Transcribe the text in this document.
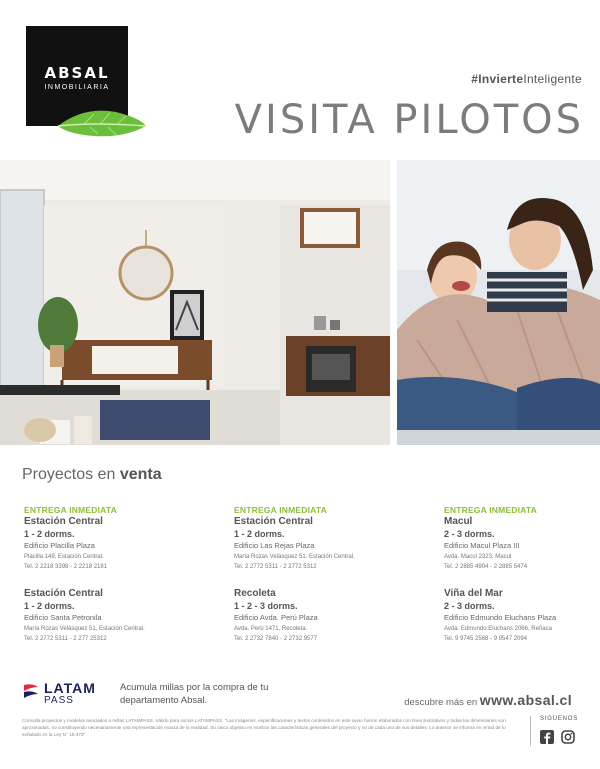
ABSAL
INMOBILIARIA
#InvierteInteligente
VISITA PILOTOS
Proyectos en venta
ENTREGA INMEDIATA
Estación Central
1 - 2 dorms.
Edificio Placilla Plaza
Placilla 149, Estación Central.
Tel. 2 2218 3398 - 2 2218 2181
ENTREGA INMEDIATA
Estación Central
1 - 2 dorms.
Edificio Las Rejas Plaza
María Rozas Velásquez 51, Estación Central.
Tel. 2 2772 5311 - 2 2772 5312
ENTREGA INMEDIATA
Macul
2 - 3 dorms.
Edificio Macul Plaza III
Avda. Macul 2323, Macul
Tel. 2 2885 4904 - 2 2885 5474
Estación Central
1 - 2 dorms.
Edificio Santa Petronila
María Rozas Velásquez 51, Estación Central.
Tel. 2 2772 5311 - 2 277 25312
Recoleta
1 - 2 - 3 dorms.
Edificio Avda. Perú Plaza
Avda. Perú 1471, Recoleta.
Tel. 2 2732 7840 - 2 2732 9577
Viña del Mar
2 - 3 dorms.
Edificio Edmundo Eluchans Plaza
Avda. Edmundo Eluchans 2066, Reñaca
Tel. 9 9745 2568 - 9 9547 2094
LATAM
PASS
Acumula millas por la compra de tu departamento Absal.	descubre más en www.absal.cl
Consulta proyectos y modelos asociados a millas LATAMPASS. Válido para socios LATAMPASS. "Las imágenes, especificaciones y textos contenidos en este aviso fueron elaborados con fines ilustrativos y todas las dimensiones son aproximadas, no constituyendo necesariamente una representación exacta de la realidad. Su único objetivo es mostrar las características generales del proyecto y no de cada uno de sus detalles. Lo anterior se informa en virtud de lo señalado en la Ley N° 19.472"
SIGUENOS
